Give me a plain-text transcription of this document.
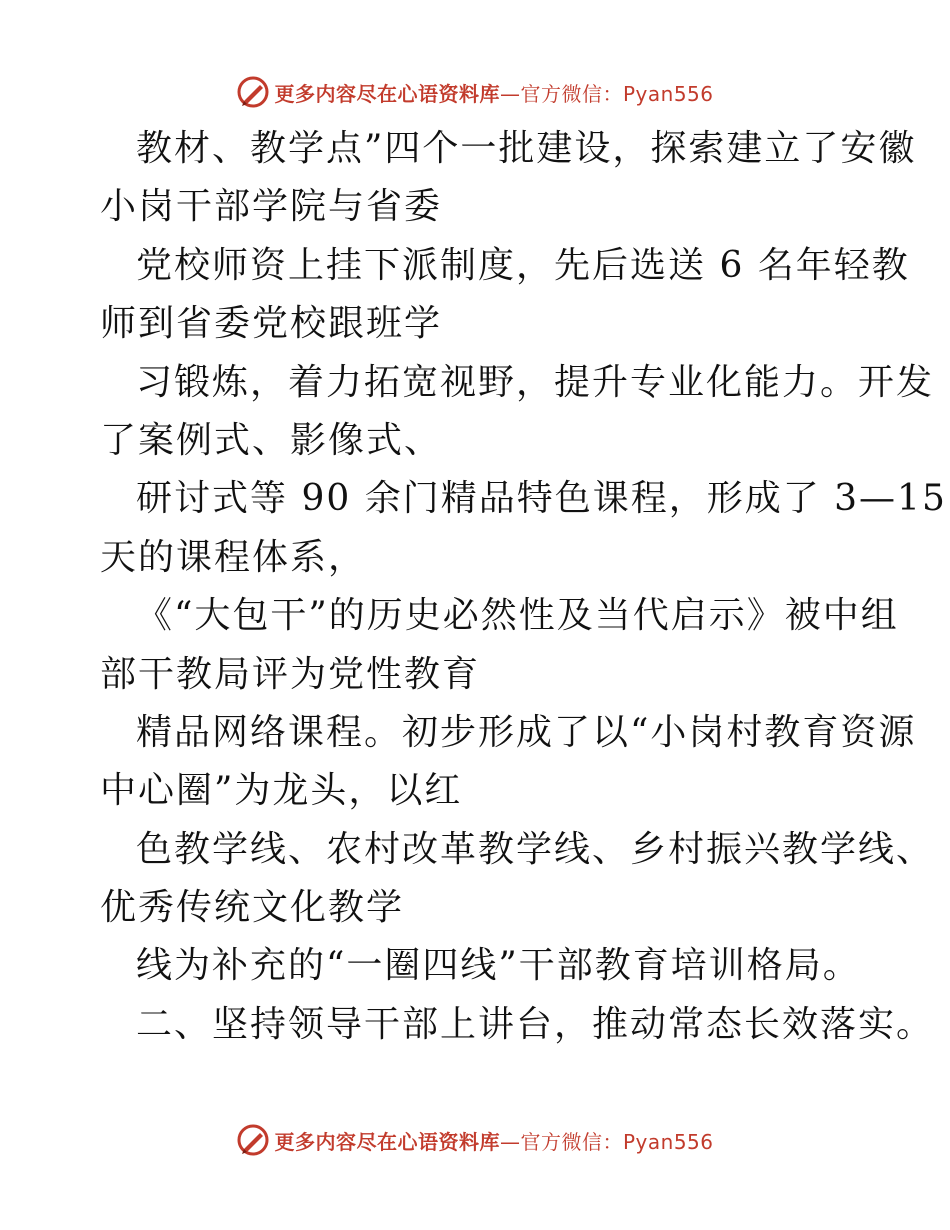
更多内容尽在心语资料库—官方微信：Pyan556
教材、教学点”四个一批建设，探索建立了安徽
小岗干部学院与省委
党校师资上挂下派制度，先后选送 6 名年轻教
师到省委党校跟班学
习锻炼，着力拓宽视野，提升专业化能力。开发
了案例式、影像式、
研讨式等 90 余门精品特色课程，形成了 3—15
天的课程体系，
《“大包干”的历史必然性及当代启示》被中组
部干教局评为党性教育
精品网络课程。初步形成了以“小岗村教育资源
中心圈”为龙头，以红
色教学线、农村改革教学线、乡村振兴教学线、
优秀传统文化教学
线为补充的“一圈四线”干部教育培训格局。
二、坚持领导干部上讲台，推动常态长效落实。
更多内容尽在心语资料库—官方微信：Pyan556
